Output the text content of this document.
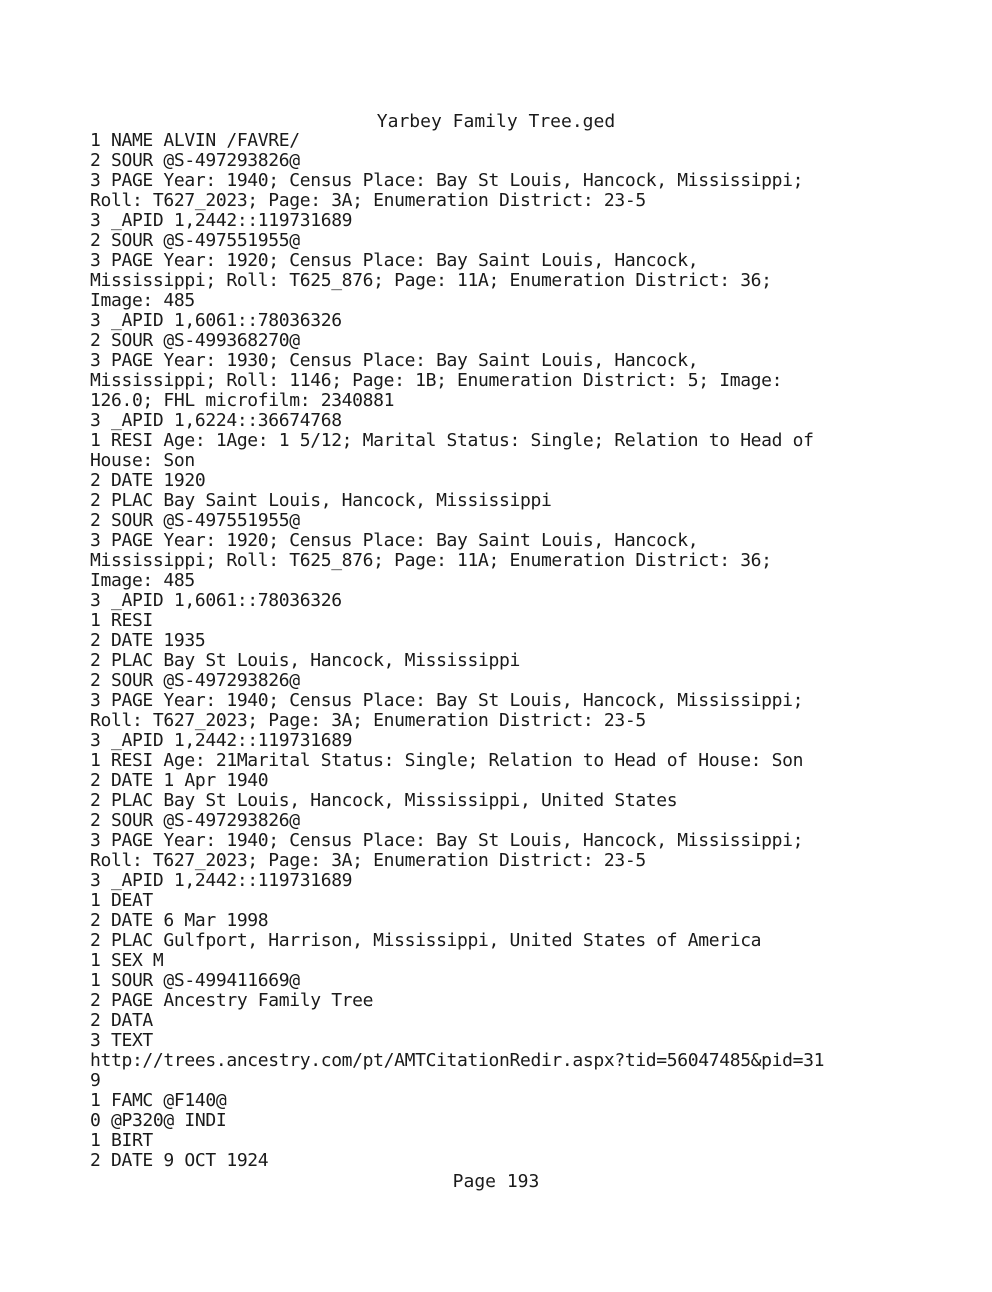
Yarbey Family Tree.ged
1 NAME ALVIN /FAVRE/
2 SOUR @S-497293826@
3 PAGE Year: 1940; Census Place: Bay St Louis, Hancock, Mississippi;
Roll: T627_2023; Page: 3A; Enumeration District: 23-5
3 _APID 1,2442::119731689
2 SOUR @S-497551955@
3 PAGE Year: 1920; Census Place: Bay Saint Louis, Hancock,
Mississippi; Roll: T625_876; Page: 11A; Enumeration District: 36;
Image: 485
3 _APID 1,6061::78036326
2 SOUR @S-499368270@
3 PAGE Year: 1930; Census Place: Bay Saint Louis, Hancock,
Mississippi; Roll: 1146; Page: 1B; Enumeration District: 5; Image:
126.0; FHL microfilm: 2340881
3 _APID 1,6224::36674768
1 RESI Age: 1Age: 1 5/12; Marital Status: Single; Relation to Head of
House: Son
2 DATE 1920
2 PLAC Bay Saint Louis, Hancock, Mississippi
2 SOUR @S-497551955@
3 PAGE Year: 1920; Census Place: Bay Saint Louis, Hancock,
Mississippi; Roll: T625_876; Page: 11A; Enumeration District: 36;
Image: 485
3 _APID 1,6061::78036326
1 RESI
2 DATE 1935
2 PLAC Bay St Louis, Hancock, Mississippi
2 SOUR @S-497293826@
3 PAGE Year: 1940; Census Place: Bay St Louis, Hancock, Mississippi;
Roll: T627_2023; Page: 3A; Enumeration District: 23-5
3 _APID 1,2442::119731689
1 RESI Age: 21Marital Status: Single; Relation to Head of House: Son
2 DATE 1 Apr 1940
2 PLAC Bay St Louis, Hancock, Mississippi, United States
2 SOUR @S-497293826@
3 PAGE Year: 1940; Census Place: Bay St Louis, Hancock, Mississippi;
Roll: T627_2023; Page: 3A; Enumeration District: 23-5
3 _APID 1,2442::119731689
1 DEAT
2 DATE 6 Mar 1998
2 PLAC Gulfport, Harrison, Mississippi, United States of America
1 SEX M
1 SOUR @S-499411669@
2 PAGE Ancestry Family Tree
2 DATA
3 TEXT
http://trees.ancestry.com/pt/AMTCitationRedir.aspx?tid=56047485&pid=31
9
1 FAMC @F140@
0 @P320@ INDI
1 BIRT
2 DATE 9 OCT 1924
Page 193
